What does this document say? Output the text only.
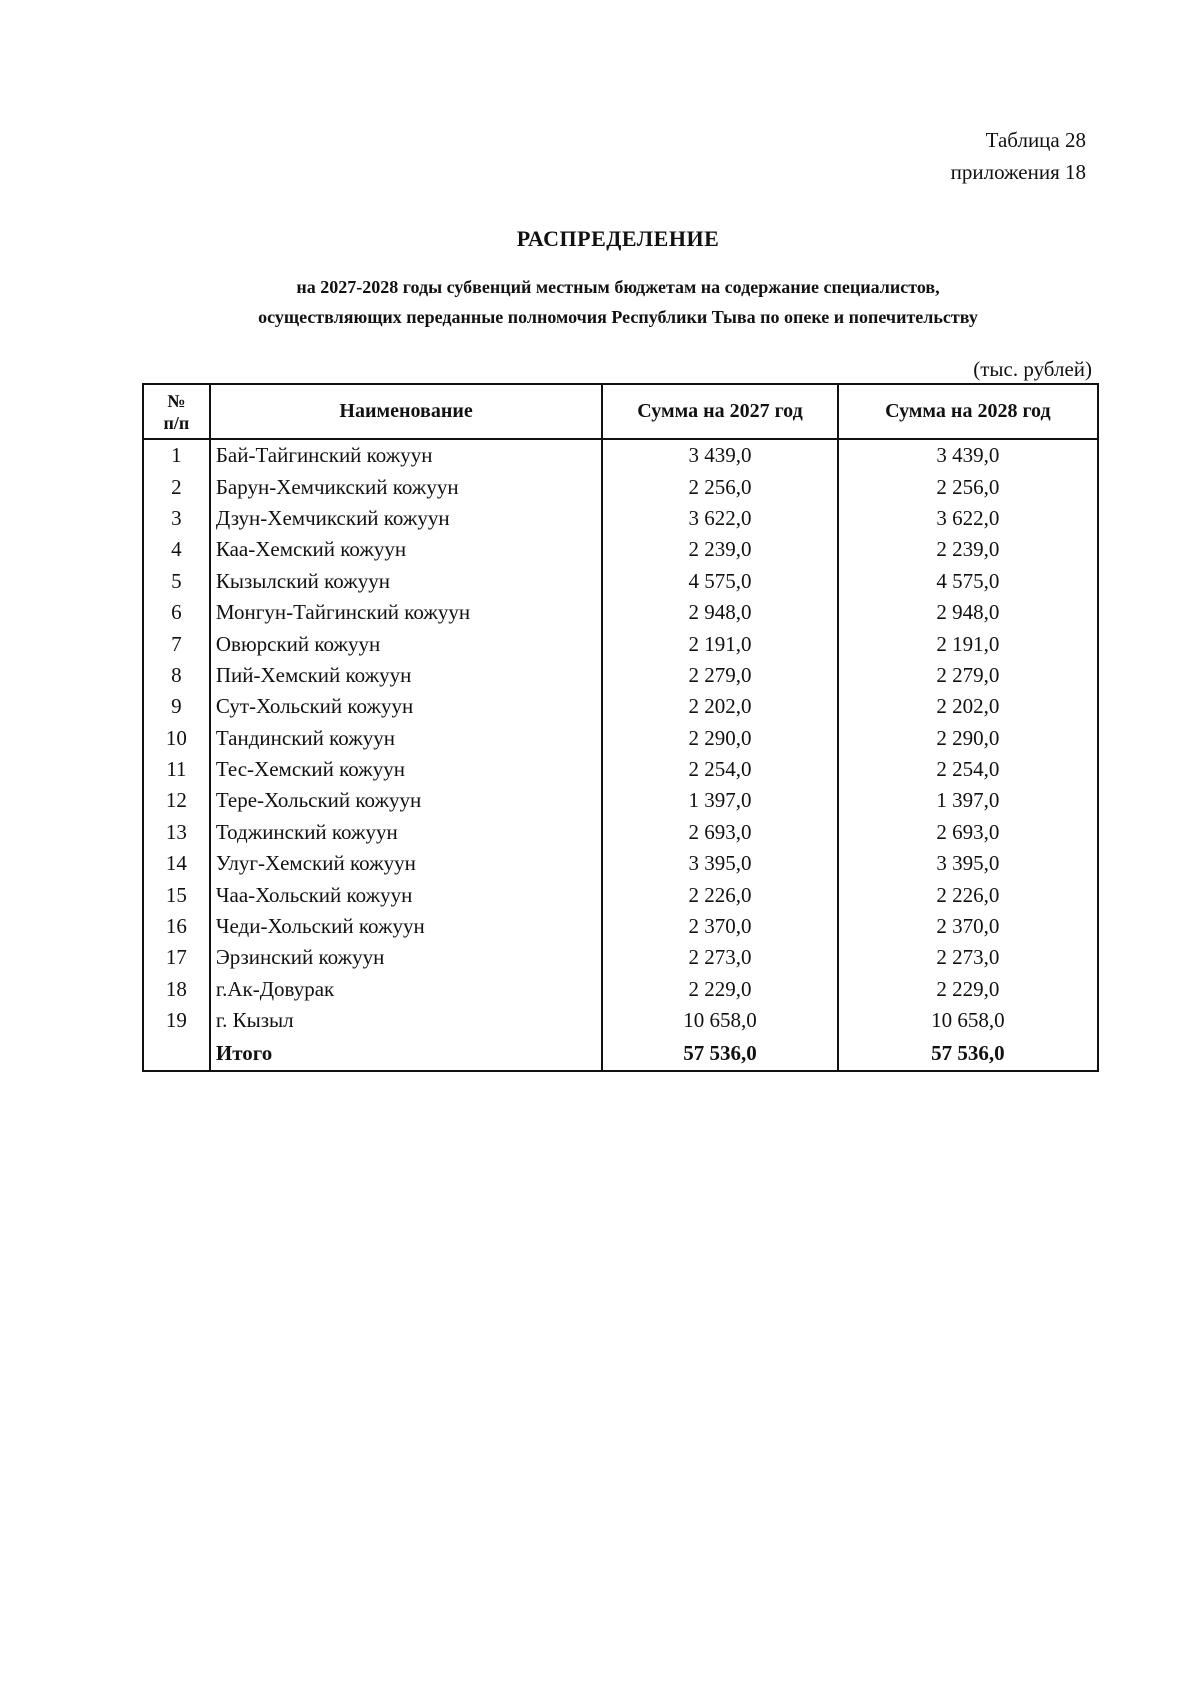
Таблица 28
приложения 18
РАСПРЕДЕЛЕНИЕ
на 2027-2028 годы субвенций местным бюджетам на содержание специалистов,
осуществляющих переданные полномочия Республики Тыва по опеке и попечительству
(тыс. рублей)
№
п/п	Наименование	Сумма на 2027 год	Сумма на 2028 год
1	Бай-Тайгинский кожуун	3 439,0	3 439,0
2	Барун-Хемчикский кожуун	2 256,0	2 256,0
3	Дзун-Хемчикский кожуун	3 622,0	3 622,0
4	Каа-Хемский кожуун	2 239,0	2 239,0
5	Кызылский кожуун	4 575,0	4 575,0
6	Монгун-Тайгинский кожуун	2 948,0	2 948,0
7	Овюрский кожуун	2 191,0	2 191,0
8	Пий-Хемский кожуун	2 279,0	2 279,0
9	Сут-Хольский кожуун	2 202,0	2 202,0
10	Тандинский кожуун	2 290,0	2 290,0
11	Тес-Хемский кожуун	2 254,0	2 254,0
12	Тере-Хольский кожуун	1 397,0	1 397,0
13	Тоджинский кожуун	2 693,0	2 693,0
14	Улуг-Хемский кожуун	3 395,0	3 395,0
15	Чаа-Хольский кожуун	2 226,0	2 226,0
16	Чеди-Хольский кожуун	2 370,0	2 370,0
17	Эрзинский кожуун	2 273,0	2 273,0
18	г.Ак-Довурак	2 229,0	2 229,0
19	г. Кызыл	10 658,0	10 658,0
	Итого	57 536,0	57 536,0
